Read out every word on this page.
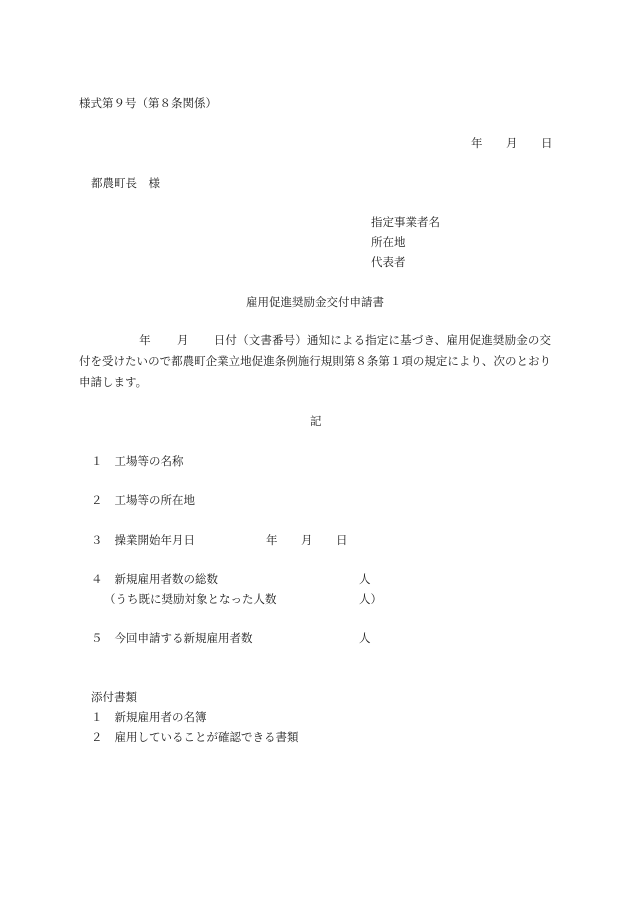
様式第９号（第８条関係）
年 月 日
都農町長　様
指定事業者名
所在地
代表者
雇用促進奨励金交付申請書
年 月 日付（文書番号）通知による指定に基づき、雇用促進奨励金の交付を受けたいので都農町企業立地促進条例施行規則第８条第１項の規定により、次のとおり申請します。
記
１ 工場等の名称
２ 工場等の所在地
３ 操業開始年月日	年 月 日
４ 新規雇用者数の総数	人
（うち既に奨励対象となった人数	人）
５ 今回申請する新規雇用者数	人
添付書類
１ 新規雇用者の名簿
２ 雇用していることが確認できる書類
